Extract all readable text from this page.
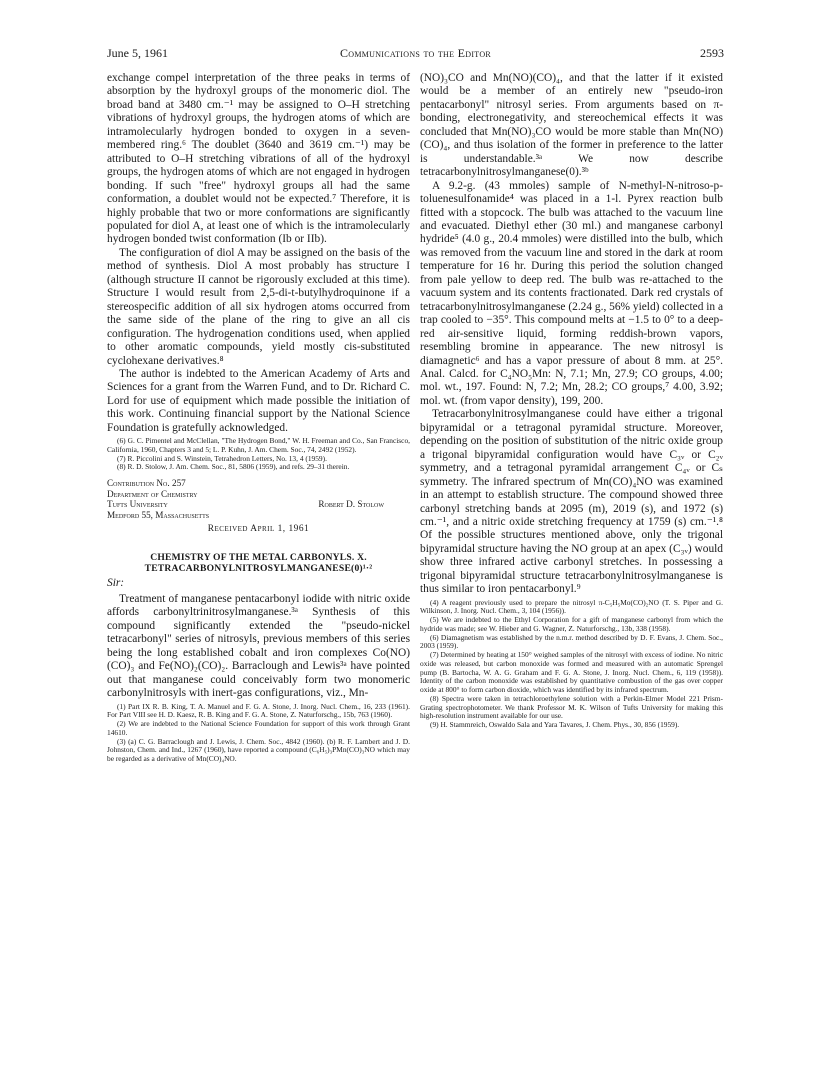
June 5, 1961	Communications to the Editor	2593

exchange compel interpretation of the three peaks in terms of absorption by the hydroxyl groups of the monomeric diol. The broad band at 3480 cm.⁻¹ may be assigned to O–H stretching vibrations of hydroxyl groups, the hydrogen atoms of which are intramolecularly hydrogen bonded to oxygen in a seven-membered ring.⁶ The doublet (3640 and 3619 cm.⁻¹) may be attributed to O–H stretching vibrations of all of the hydroxyl groups, the hydrogen atoms of which are not engaged in hydrogen bonding. If such "free" hydroxyl groups all had the same conformation, a doublet would not be expected.⁷ Therefore, it is highly probable that two or more conformations are significantly populated for diol A, at least one of which is the intramolecularly hydrogen bonded twist conformation (Ib or IIb).

The configuration of diol A may be assigned on the basis of the method of synthesis. Diol A most probably has structure I (although structure II cannot be rigorously excluded at this time). Structure I would result from 2,5-di-t-butylhydroquinone if a stereospecific addition of all six hydrogen atoms occurred from the same side of the plane of the ring to give an all cis configuration. The hydrogenation conditions used, when applied to other aromatic compounds, yield mostly cis-substituted cyclohexane derivatives.⁸

The author is indebted to the American Academy of Arts and Sciences for a grant from the Warren Fund, and to Dr. Richard C. Lord for use of equipment which made possible the initiation of this work. Continuing financial support by the National Science Foundation is gratefully acknowledged.

(6) G. C. Pimentel and McClellan, "The Hydrogen Bond," W. H. Freeman and Co., San Francisco, California, 1960, Chapters 3 and 5; L. P. Kuhn, J. Am. Chem. Soc., 74, 2492 (1952).

(7) R. Piccolini and S. Winstein, Tetrahedron Letters, No. 13, 4 (1959).

(8) R. D. Stolow, J. Am. Chem. Soc., 81, 5806 (1959), and refs. 29–31 therein.

Contribution No. 257
Department of Chemistry
Tufts University	Robert D. Stolow
Medford 55, Massachusetts
Received April 1, 1961
CHEMISTRY OF THE METAL CARBONYLS. X.
TETRACARBONYLNITROSYLMANGANESE(0)¹·²
Sir:

Treatment of manganese pentacarbonyl iodide with nitric oxide affords carbonyltrinitrosylmanganese.³ᵃ Synthesis of this compound significantly extended the "pseudo-nickel tetracarbonyl" series of nitrosyls, previous members of this series being the long established cobalt and iron complexes Co(NO)(CO)₃ and Fe(NO)₂(CO)₂. Barraclough and Lewis³ᵃ have pointed out that manganese could conceivably form two monomeric carbonylnitrosyls with inert-gas configurations, viz., Mn-

(1) Part IX R. B. King, T. A. Manuel and F. G. A. Stone, J. Inorg. Nucl. Chem., 16, 233 (1961). For Part VIII see H. D. Kaesz, R. B. King and F. G. A. Stone, Z. Naturforschg., 15b, 763 (1960).

(2) We are indebted to the National Science Foundation for support of this work through Grant 14610.

(3) (a) C. G. Barraclough and J. Lewis, J. Chem. Soc., 4842 (1960). (b) R. F. Lambert and J. D. Johnston, Chem. and Ind., 1267 (1960), have reported a compound (C₆H₅)₃PMn(CO)₃NO which may be regarded as a derivative of Mn(CO)₄NO.

(NO)₃CO and Mn(NO)(CO)₄, and that the latter if it existed would be a member of an entirely new "pseudo-iron pentacarbonyl" nitrosyl series. From arguments based on π-bonding, electronegativity, and stereochemical effects it was concluded that Mn(NO)₃CO would be more stable than Mn(NO)(CO)₄, and thus isolation of the former in preference to the latter is understandable.³ᵃ We now describe tetracarbonylnitrosylmanganese(0).³ᵇ

A 9.2-g. (43 mmoles) sample of N-methyl-N-nitroso-p-toluenesulfonamide⁴ was placed in a 1-l. Pyrex reaction bulb fitted with a stopcock. The bulb was attached to the vacuum line and evacuated. Diethyl ether (30 ml.) and manganese carbonyl hydride⁵ (4.0 g., 20.4 mmoles) were distilled into the bulb, which was removed from the vacuum line and stored in the dark at room temperature for 16 hr. During this period the solution changed from pale yellow to deep red. The bulb was re-attached to the vacuum system and its contents fractionated. Dark red crystals of tetracarbonylnitrosylmanganese (2.24 g., 56% yield) collected in a trap cooled to −35°. This compound melts at −1.5 to 0° to a deep-red air-sensitive liquid, forming reddish-brown vapors, resembling bromine in appearance. The new nitrosyl is diamagnetic⁶ and has a vapor pressure of about 8 mm. at 25°. Anal. Calcd. for C₄NO₅Mn: N, 7.1; Mn, 27.9; CO groups, 4.00; mol. wt., 197. Found: N, 7.2; Mn, 28.2; CO groups,⁷ 4.00, 3.92; mol. wt. (from vapor density), 199, 200.

Tetracarbonylnitrosylmanganese could have either a trigonal bipyramidal or a tetragonal pyramidal structure. Moreover, depending on the position of substitution of the nitric oxide group a trigonal bipyramidal configuration would have C₃ᵥ or C₂ᵥ symmetry, and a tetragonal pyramidal arrangement C₄ᵥ or Cₛ symmetry. The infrared spectrum of Mn(CO)₄NO was examined in an attempt to establish structure. The compound showed three carbonyl stretching bands at 2095 (m), 2019 (s), and 1972 (s) cm.⁻¹, and a nitric oxide stretching frequency at 1759 (s) cm.⁻¹.⁸ Of the possible structures mentioned above, only the trigonal bipyramidal structure having the NO group at an apex (C₃ᵥ) would show three infrared active carbonyl stretches. In possessing a trigonal bipyramidal structure tetracarbonylnitrosylmanganese is thus similar to iron pentacarbonyl.⁹

(4) A reagent previously used to prepare the nitrosyl π-C₅H₅Mo(CO)₂NO (T. S. Piper and G. Wilkinson, J. Inorg. Nucl. Chem., 3, 104 (1956)).

(5) We are indebted to the Ethyl Corporation for a gift of manganese carbonyl from which the hydride was made; see W. Hieber and G. Wagner, Z. Naturforschg., 13b, 338 (1958).

(6) Diamagnetism was established by the n.m.r. method described by D. F. Evans, J. Chem. Soc., 2003 (1959).

(7) Determined by heating at 150° weighed samples of the nitrosyl with excess of iodine. No nitric oxide was released, but carbon monoxide was formed and measured with an automatic Sprengel pump (B. Bartocha, W. A. G. Graham and F. G. A. Stone, J. Inorg. Nucl. Chem., 6, 119 (1958)). Identity of the carbon monoxide was established by quantitative combustion of the gas over copper oxide at 800° to form carbon dioxide, which was identified by its infrared spectrum.

(8) Spectra were taken in tetrachloroethylene solution with a Perkin-Elmer Model 221 Prism-Grating spectrophotometer. We thank Professor M. K. Wilson of Tufts University for making this high-resolution instrument available for our use.

(9) H. Stammreich, Oswaldo Sala and Yara Tavares, J. Chem. Phys., 30, 856 (1959).
